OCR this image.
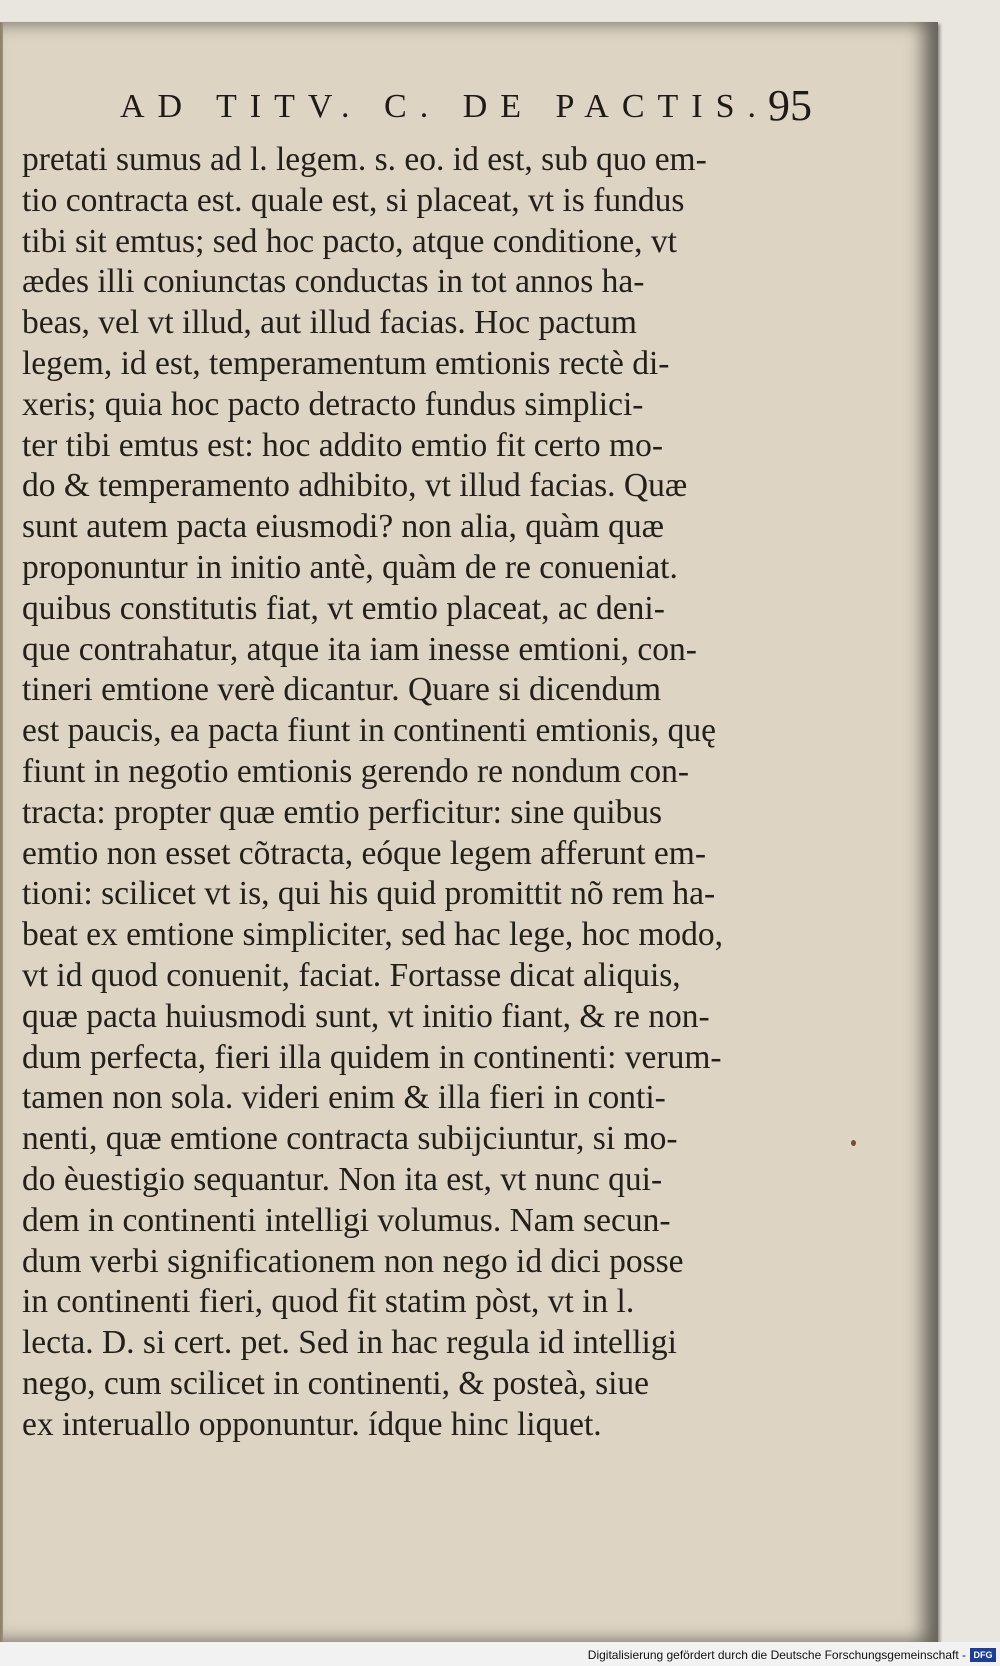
AD TITV. C. DE PACTIS.
95
pretati sumus ad l. legem. s. eo. id est, sub quo em-
tio contracta est. quale est, si placeat, vt is fundus
tibi sit emtus; sed hoc pacto, atque conditione, vt
ædes illi coniunctas conductas in tot annos ha-
beas, vel vt illud, aut illud facias. Hoc pactum
legem, id est, temperamentum emtionis rectè di-
xeris; quia hoc pacto detracto fundus simplici-
ter tibi emtus est: hoc addito emtio fit certo mo-
do & temperamento adhibito, vt illud facias. Quæ
sunt autem pacta eiusmodi? non alia, quàm quæ
proponuntur in initio antè, quàm de re conueniat.
quibus constitutis fiat, vt emtio placeat, ac deni-
que contrahatur, atque ita iam inesse emtioni, con-
tineri emtione verè dicantur. Quare si dicendum
est paucis, ea pacta fiunt in continenti emtionis, quę
fiunt in negotio emtionis gerendo re nondum con-
tracta: propter quæ emtio perficitur: sine quibus
emtio non esset cõtracta, eóque legem afferunt em-
tioni: scilicet vt is, qui his quid promittit nõ rem ha-
beat ex emtione simpliciter, sed hac lege, hoc modo,
vt id quod conuenit, faciat. Fortasse dicat aliquis,
quæ pacta huiusmodi sunt, vt initio fiant, & re non-
dum perfecta, fieri illa quidem in continenti: verum-
tamen non sola. videri enim & illa fieri in conti-
nenti, quæ emtione contracta subijciuntur, si mo-
do èuestigio sequantur. Non ita est, vt nunc qui-
dem in continenti intelligi volumus. Nam secun-
dum verbi significationem non nego id dici posse
in continenti fieri, quod fit statim pòst, vt in l.
lecta. D. si cert. pet. Sed in hac regula id intelligi
nego, cum scilicet in continenti, & posteà, siue
ex interuallo opponuntur. ídque hinc liquet.
Digitalisierung gefördert durch die Deutsche Forschungsgemeinschaft - DFG
